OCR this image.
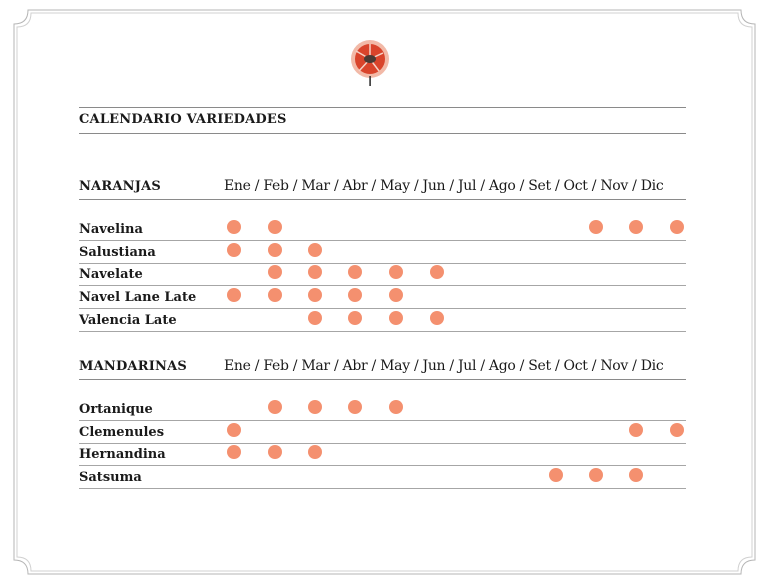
CALENDARIO VARIEDADES
NARANJAS	Ene / Feb / Mar / Abr / May / Jun / Jul / Ago / Set / Oct / Nov / Dic
Navelina
Salustiana
Navelate
Navel Lane Late
Valencia Late
MANDARINAS	Ene / Feb / Mar / Abr / May / Jun / Jul / Ago / Set / Oct / Nov / Dic
Ortanique
Clemenules
Hernandina
Satsuma
